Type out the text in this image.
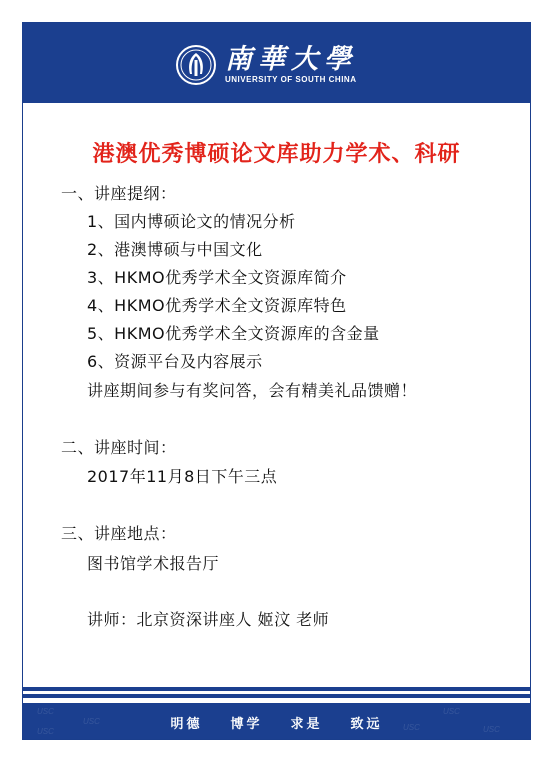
南華大學
UNIVERSITY OF SOUTH CHINA
港澳优秀博硕论文库助力学术、科研
一、讲座提纲：
1、国内博硕论文的情况分析
2、港澳博硕与中国文化
3、HKMO优秀学术全文资源库简介
4、HKMO优秀学术全文资源库特色
5、HKMO优秀学术全文资源库的含金量
6、资源平台及内容展示
讲座期间参与有奖问答，会有精美礼品馈赠！
二、讲座时间：
2017年11月8日下午三点
三、讲座地点：
图书馆学术报告厅
讲师：北京资深讲座人 姬汶 老师
USC
USC
USC
USC
USC
USC
明德 博学 求是 致远
